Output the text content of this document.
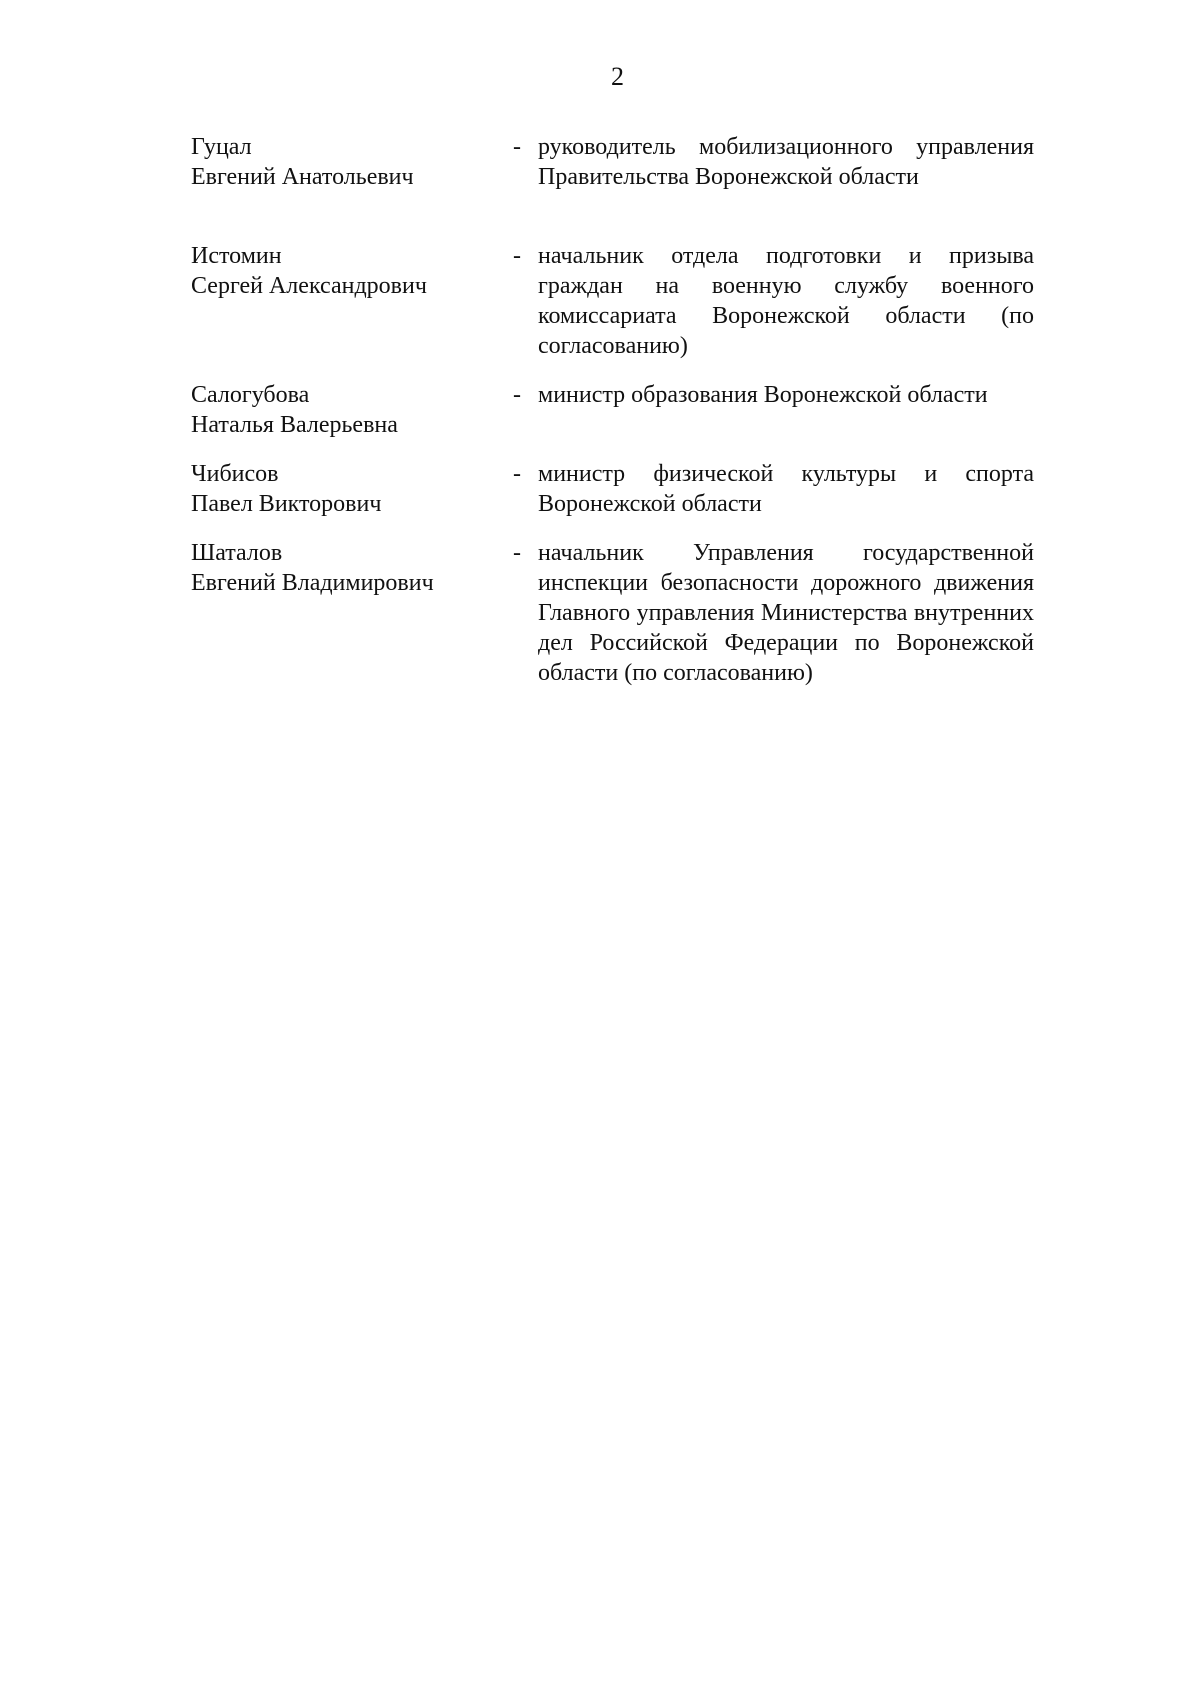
2
Гуцал
Евгений Анатольевич
- руководитель мобилизационного управления Правительства Воронежской области
Истомин
Сергей Александрович
- начальник отдела подготовки и призыва граждан на военную службу военного комиссариата Воронежской области (по согласованию)
Салогубова
Наталья Валерьевна
- министр образования Воронежской области
Чибисов
Павел Викторович
- министр физической культуры и спорта Воронежской области
Шаталов
Евгений Владимирович
- начальник Управления государственной инспекции безопасности дорожного движения Главного управления Министерства внутренних дел Российской Федерации по Воронежской области (по согласованию)
